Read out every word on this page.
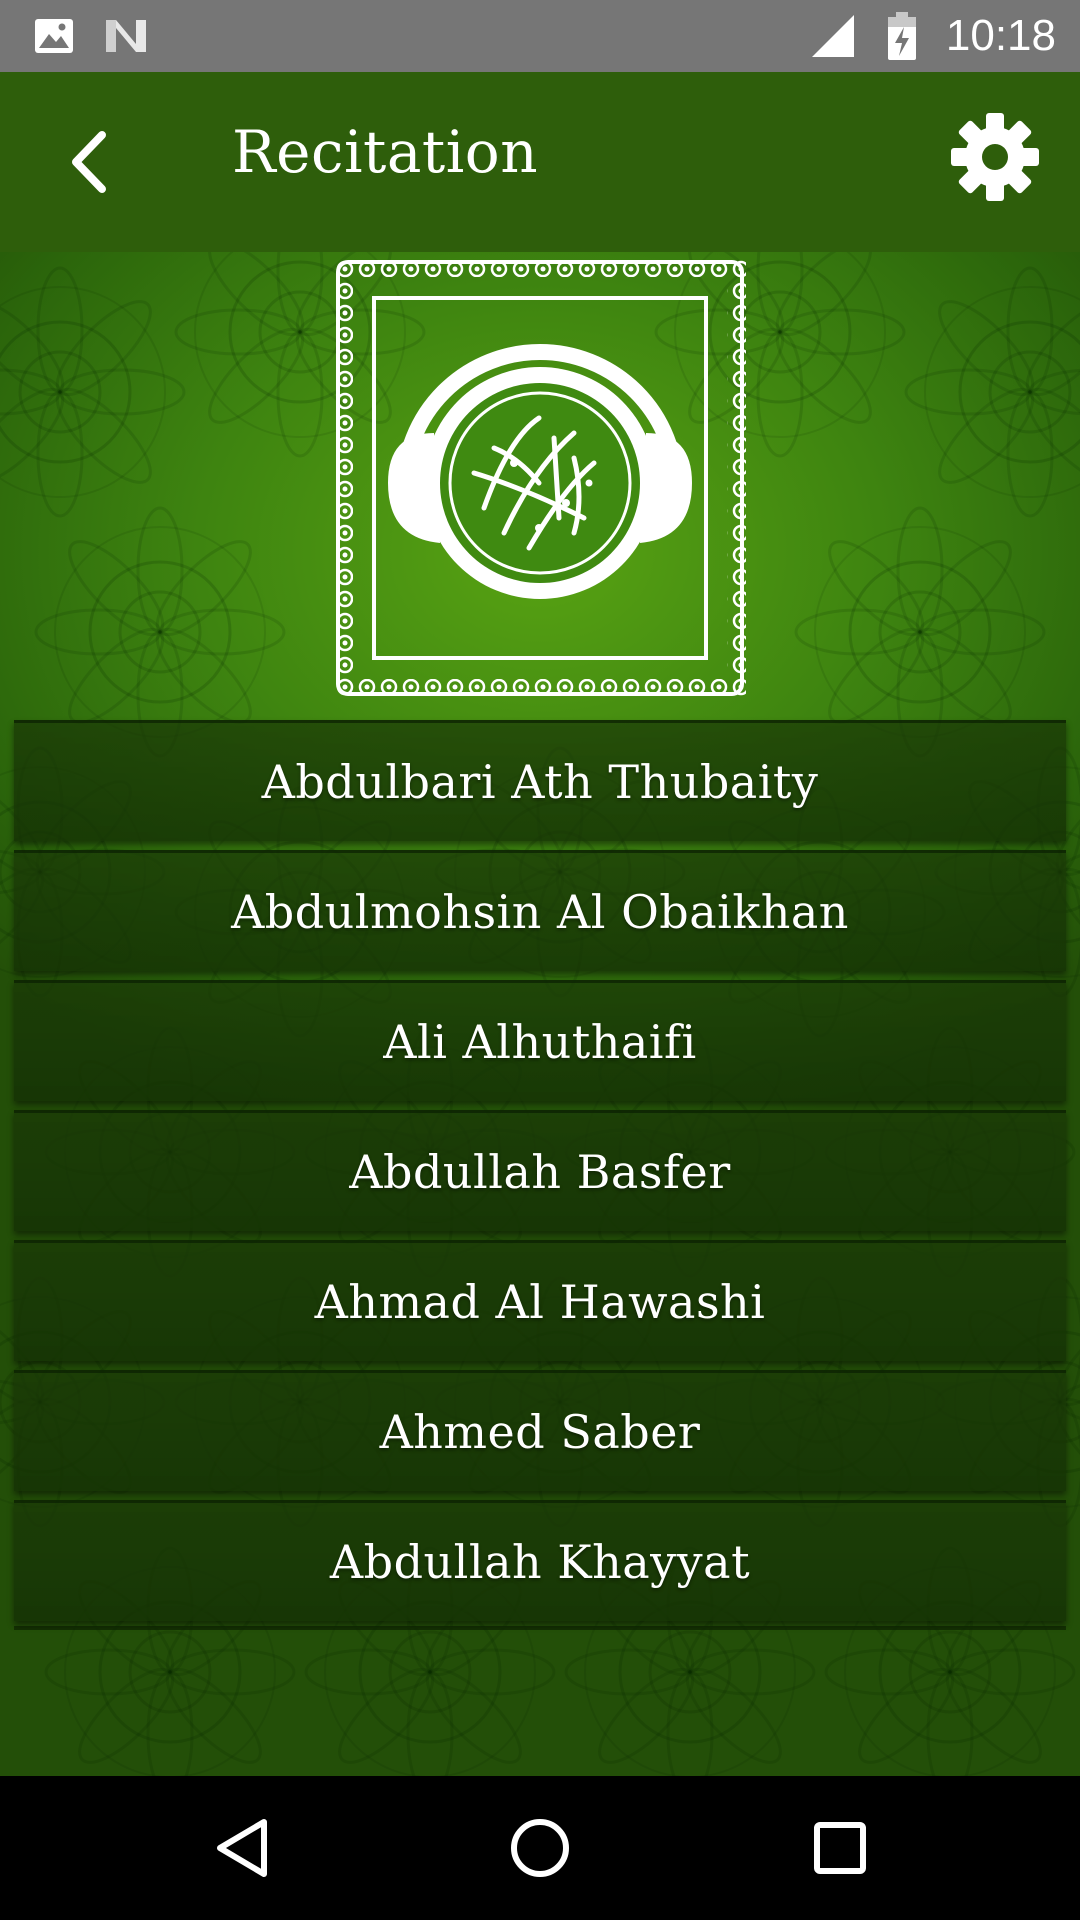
10:18
Recitation
Abdulbari Ath Thubaity
Abdulmohsin Al Obaikhan
Ali Alhuthaifi
Abdullah Basfer
Ahmad Al Hawashi
Ahmed Saber
Abdullah Khayyat
